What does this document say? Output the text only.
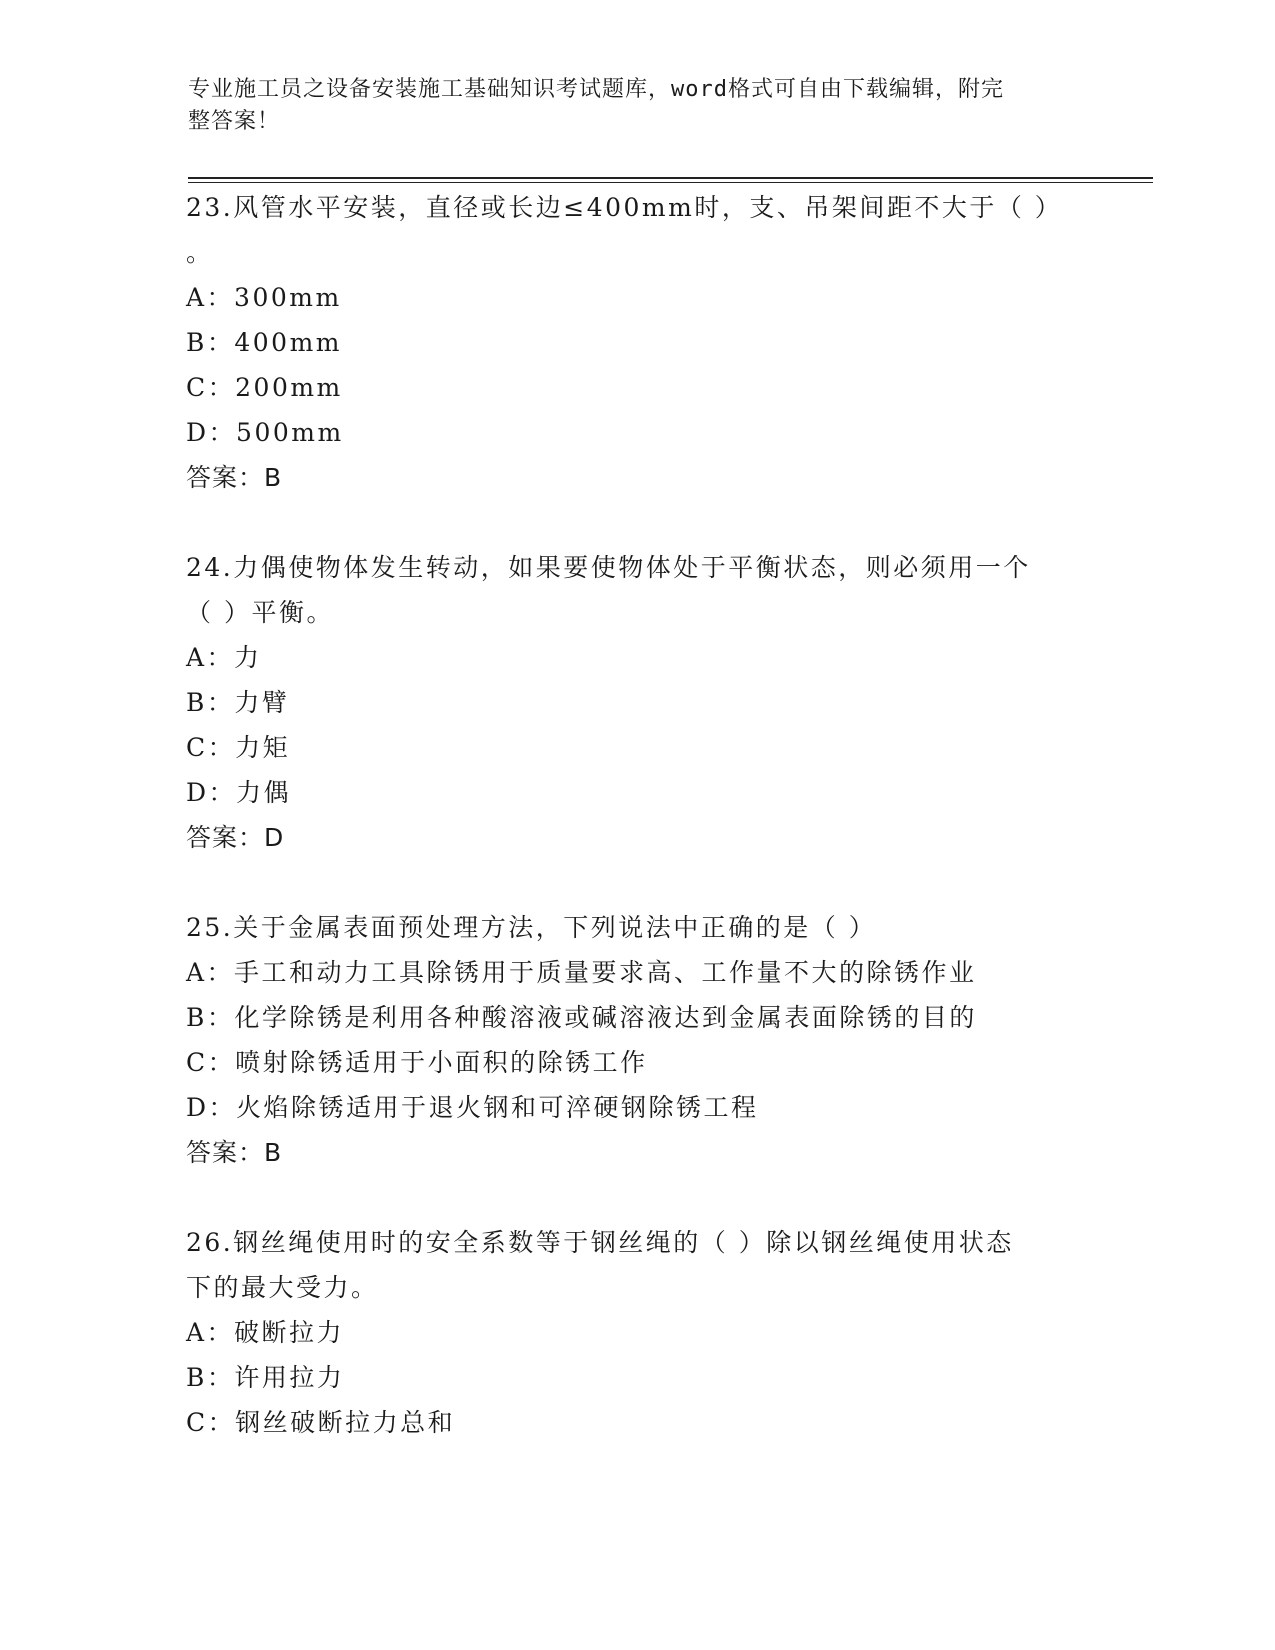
专业施工员之设备安装施工基础知识考试题库，word格式可自由下载编辑，附完
整答案！
23.风管水平安装，直径或长边≤400mm时，支、吊架间距不大于（ ）
。
A：300mm
B：400mm
C：200mm
D：500mm
答案：B
24.力偶使物体发生转动，如果要使物体处于平衡状态，则必须用一个
（ ）平衡。
A：力
B：力臂
C：力矩
D：力偶
答案：D
25.关于金属表面预处理方法，下列说法中正确的是（ ）
A：手工和动力工具除锈用于质量要求高、工作量不大的除锈作业
B：化学除锈是利用各种酸溶液或碱溶液达到金属表面除锈的目的
C：喷射除锈适用于小面积的除锈工作
D：火焰除锈适用于退火钢和可淬硬钢除锈工程
答案：B
26.钢丝绳使用时的安全系数等于钢丝绳的（ ）除以钢丝绳使用状态
下的最大受力。
A：破断拉力
B：许用拉力
C：钢丝破断拉力总和
